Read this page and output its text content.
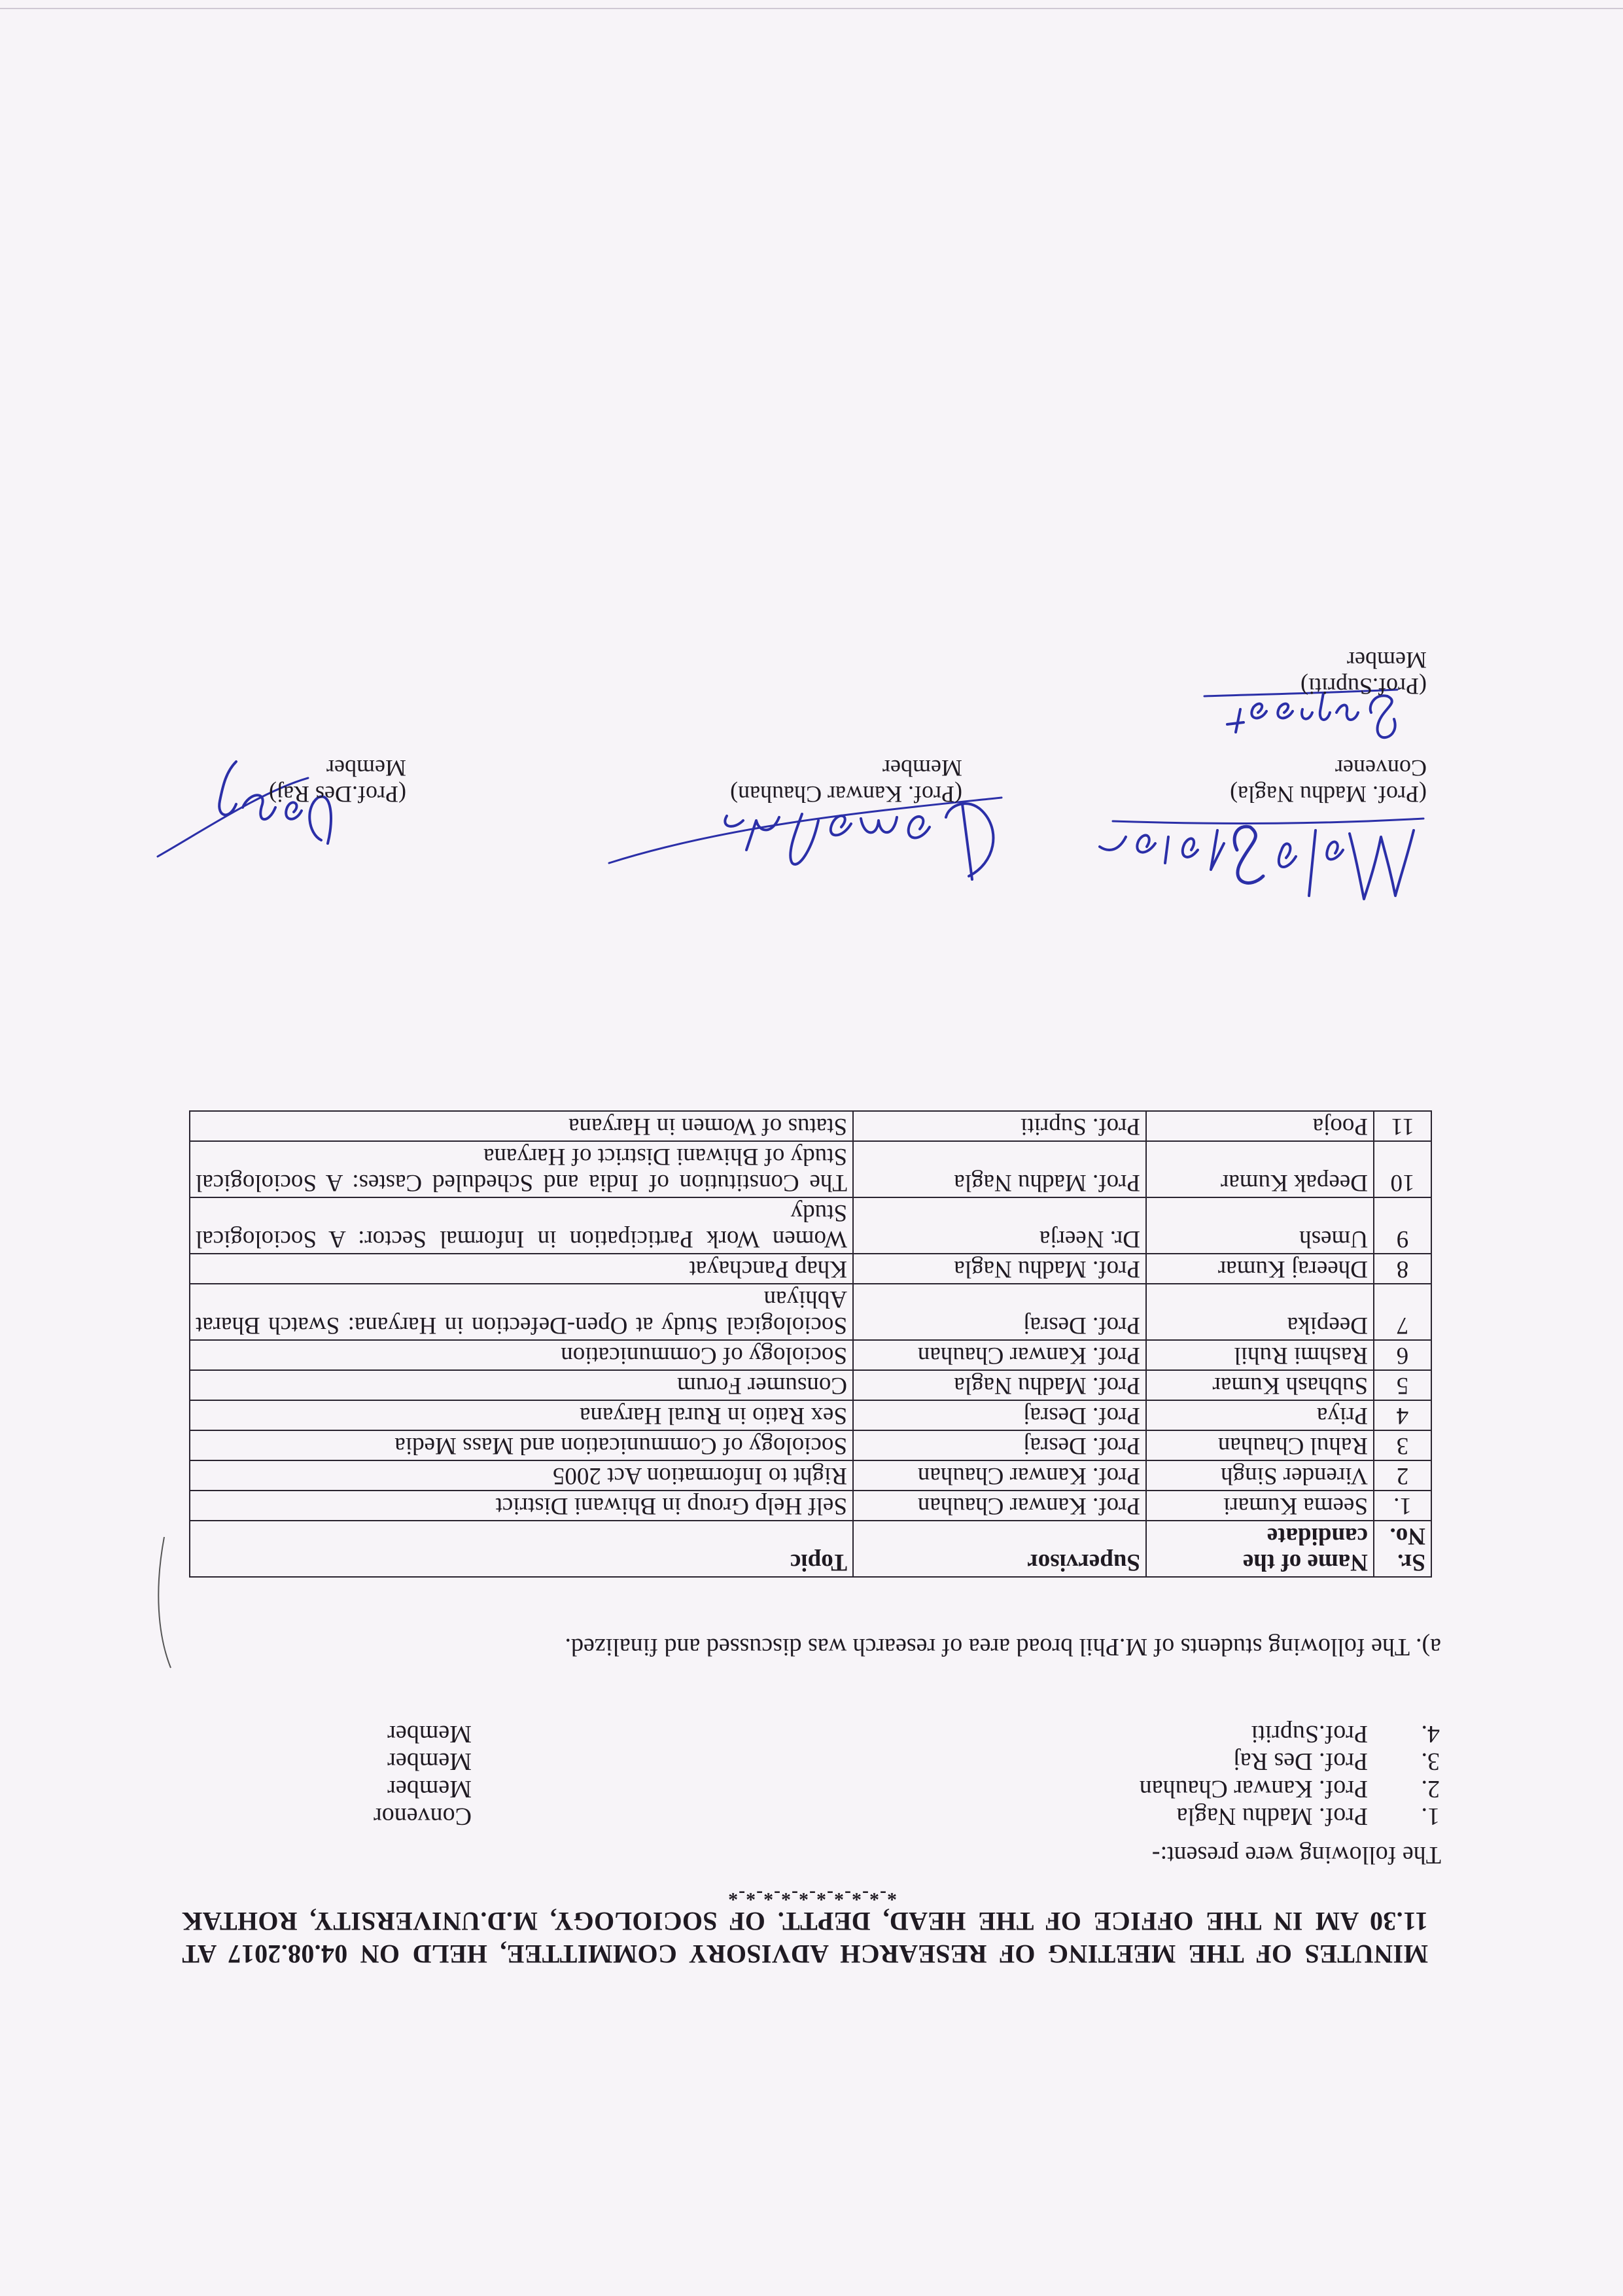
MINUTES OF THE MEETING OF RESEARCH ADVISORY COMMITTEE, HELD ON 04.08.2017 AT
11.30 AM IN THE OFFICE OF THE HEAD, DEPTT. OF SOCIOLOGY, M.D.UNIVERSITY, ROHTAK
*-*-*-*-*-*-*-*-*-*
The following were present:-
1.
Prof. Madhu Nagla
Convenor
2.
Prof. Kanwar Chauhan
Member
3.
Prof. Des Raj
Member
4.
Prof.Supriti
Member
a). The following students of M.Phil broad area of research was discussed and finalized.
Sr. No.	Name of the candidate	Supervisor	Topic
1.	Seema Kumari	Prof. Kanwar Chauhan	Self Help Group in Bhiwani District
2	Virender Singh	Prof. Kanwar Chauhan	Right to Information Act 2005
3	Rahul Chauhan	Prof. Desraj	Sociology of Communication and Mass Media
4	Priya	Prof. Desraj	Sex Ratio in Rural Haryana
5	Subhash Kumar	Prof. Madhu Nagla	Consumer Forum
6	Rashmi Ruhil	Prof. Kanwar Chauhan	Sociology of Communication
7	Deepika	Prof. Desraj	Sociological Study at Open-Defection in Haryana: Swatch Bharat Abhiyan
8	Dheeraj Kumar	Prof. Madhu Nagla	Khap Panchayat
9	Umesh	Dr. Neerja	Women Work Participation in Informal Sector: A Sociological Study
10	Deepak Kumar	Prof. Madhu Nagla	The Constitution of India and Scheduled Castes: A Sociological Study of Bhiwani District of Haryana
11	Pooja	Prof. Supriti	Status of Women in Haryana
(Prof. Madhu Nagla)
Convener
(Prof. Kanwar Chauhan)
Member
(Prof.Des Raj)
Member
(Prof.Supriti)
Member
